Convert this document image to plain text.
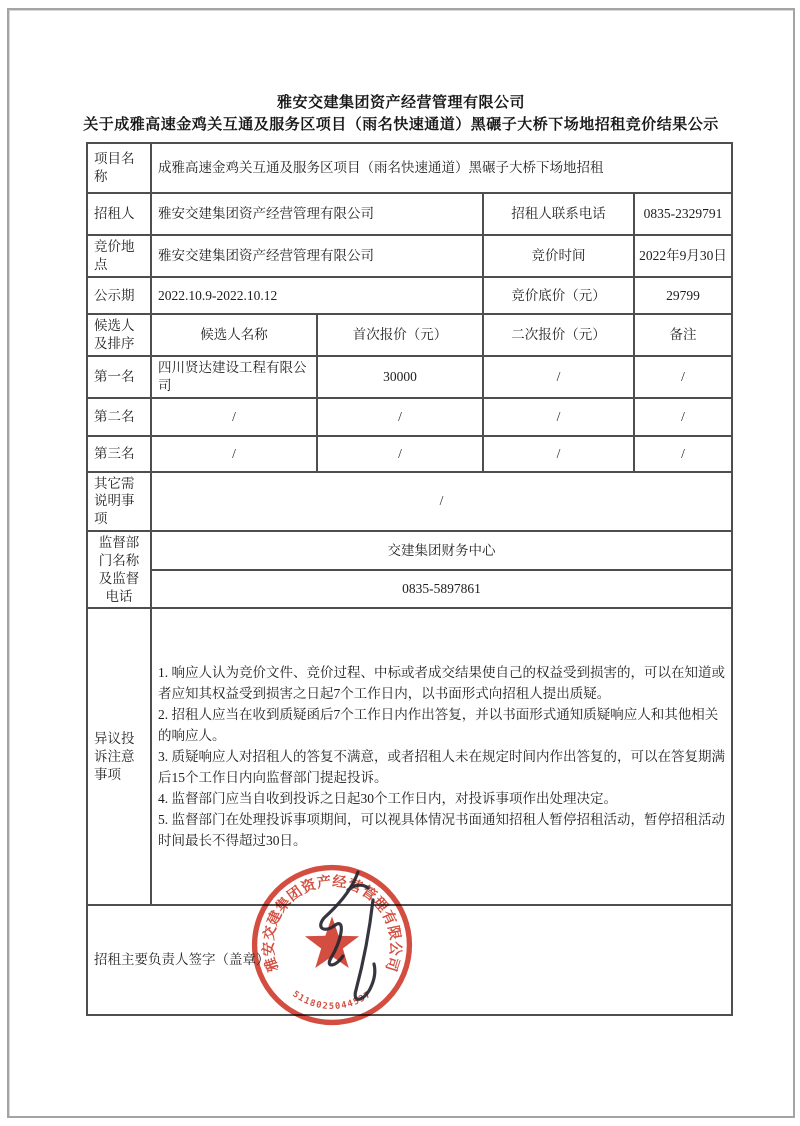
雅安交建集团资产经营管理有限公司
关于成雅高速金鸡关互通及服务区项目（雨名快速通道）黑碾子大桥下场地招租竞价结果公示
项目名称	成雅高速金鸡关互通及服务区项目（雨名快速通道）黑碾子大桥下场地招租			
招租人	雅安交建集团资产经营管理有限公司		招租人联系电话	0835-2329791
竞价地点	雅安交建集团资产经营管理有限公司		竞价时间	2022年9月30日
公示期	2022.10.9-2022.10.12		竞价底价（元）	29799
候选人及排序	候选人名称	首次报价（元）	二次报价（元）	备注
第一名	四川贤达建设工程有限公司	30000	/	/
第二名	/	/	/	/
第三名	/	/	/	/
其它需说明事项	/			
监督部门名称及监督电话	交建集团财务中心			
	0835-5897861			
异议投诉注意事项	1. 响应人认为竞价文件、竞价过程、中标或者成交结果使自己的权益受到损害的，可以在知道或者应知其权益受到损害之日起7个工作日内，以书面形式向招租人提出质疑。

2. 招租人应当在收到质疑函后7个工作日内作出答复，并以书面形式通知质疑响应人和其他相关的响应人。

3. 质疑响应人对招租人的答复不满意，或者招租人未在规定时间内作出答复的，可以在答复期满后15个工作日内向监督部门提起投诉。

4. 监督部门应当自收到投诉之日起30个工作日内，对投诉事项作出处理决定。

5. 监督部门在处理投诉事项期间，可以视具体情况书面通知招租人暂停招租活动，暂停招租活动时间最长不得超过30日。			

招租主要负责人签字（盖章）				
雅安交建集团资产经营管理有限公司
5118025044537
